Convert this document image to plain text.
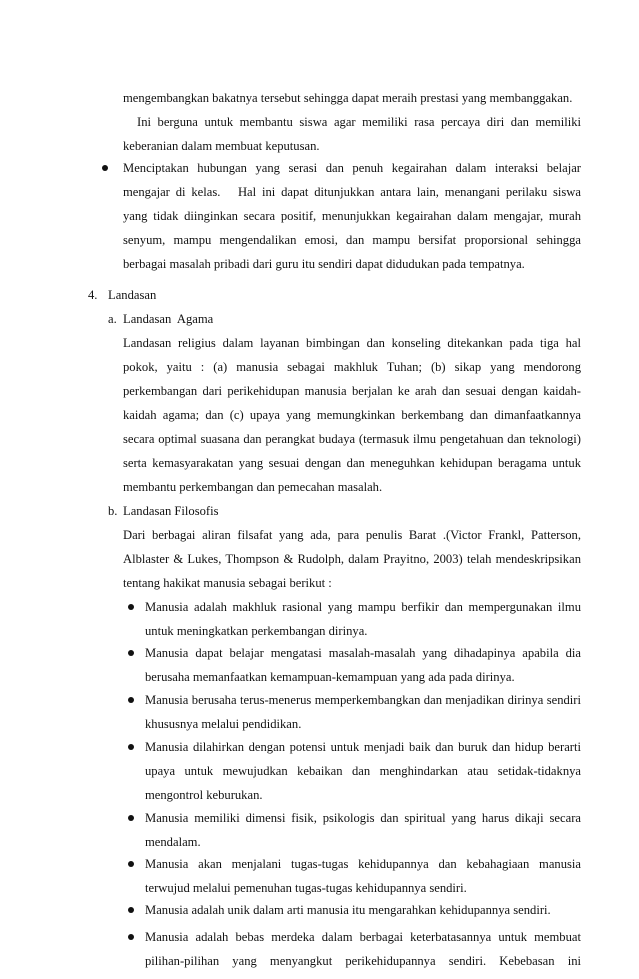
mengembangkan bakatnya tersebut sehingga dapat meraih prestasi yang membanggakan.
Ini berguna untuk membantu siswa agar memiliki rasa percaya diri dan memiliki
keberanian dalam membuat keputusan.
Menciptakan hubungan yang serasi dan penuh kegairahan dalam interaksi belajar
mengajar di kelas.   Hal ini dapat ditunjukkan antara lain, menangani perilaku siswa
yang tidak diinginkan secara positif, menunjukkan kegairahan dalam mengajar, murah
senyum, mampu mengendalikan emosi, dan mampu bersifat proporsional sehingga
berbagai masalah pribadi dari guru itu sendiri dapat didudukan pada tempatnya.
4. Landasan
a. Landasan  Agama
Landasan religius dalam layanan bimbingan dan konseling ditekankan pada tiga hal
pokok, yaitu : (a) manusia sebagai makhluk Tuhan; (b) sikap yang mendorong
perkembangan dari perikehidupan manusia berjalan ke arah dan sesuai dengan kaidah-
kaidah agama; dan (c) upaya yang memungkinkan berkembang dan dimanfaatkannya
secara optimal suasana dan perangkat budaya (termasuk ilmu pengetahuan dan teknologi)
serta kemasyarakatan yang sesuai dengan dan meneguhkan kehidupan beragama untuk
membantu perkembangan dan pemecahan masalah.
b. Landasan Filosofis
Dari berbagai aliran filsafat yang ada, para penulis Barat .(Victor Frankl, Patterson,
Alblaster & Lukes, Thompson & Rudolph, dalam Prayitno, 2003) telah mendeskripsikan
tentang hakikat manusia sebagai berikut :
Manusia adalah makhluk rasional yang mampu berfikir dan mempergunakan ilmu
untuk meningkatkan perkembangan dirinya.
Manusia dapat belajar mengatasi masalah-masalah yang dihadapinya apabila dia
berusaha memanfaatkan kemampuan-kemampuan yang ada pada dirinya.
Manusia berusaha terus-menerus memperkembangkan dan menjadikan dirinya sendiri
khususnya melalui pendidikan.
Manusia dilahirkan dengan potensi untuk menjadi baik dan buruk dan hidup berarti
upaya untuk mewujudkan kebaikan dan menghindarkan atau setidak-tidaknya
mengontrol keburukan.
Manusia memiliki dimensi fisik, psikologis dan spiritual yang harus dikaji secara
mendalam.
Manusia akan menjalani tugas-tugas kehidupannya dan kebahagiaan manusia
terwujud melalui pemenuhan tugas-tugas kehidupannya sendiri.
Manusia adalah unik dalam arti manusia itu mengarahkan kehidupannya sendiri.
Manusia adalah bebas merdeka dalam berbagai keterbatasannya untuk membuat
pilihan-pilihan yang menyangkut perikehidupannya sendiri. Kebebasan ini
